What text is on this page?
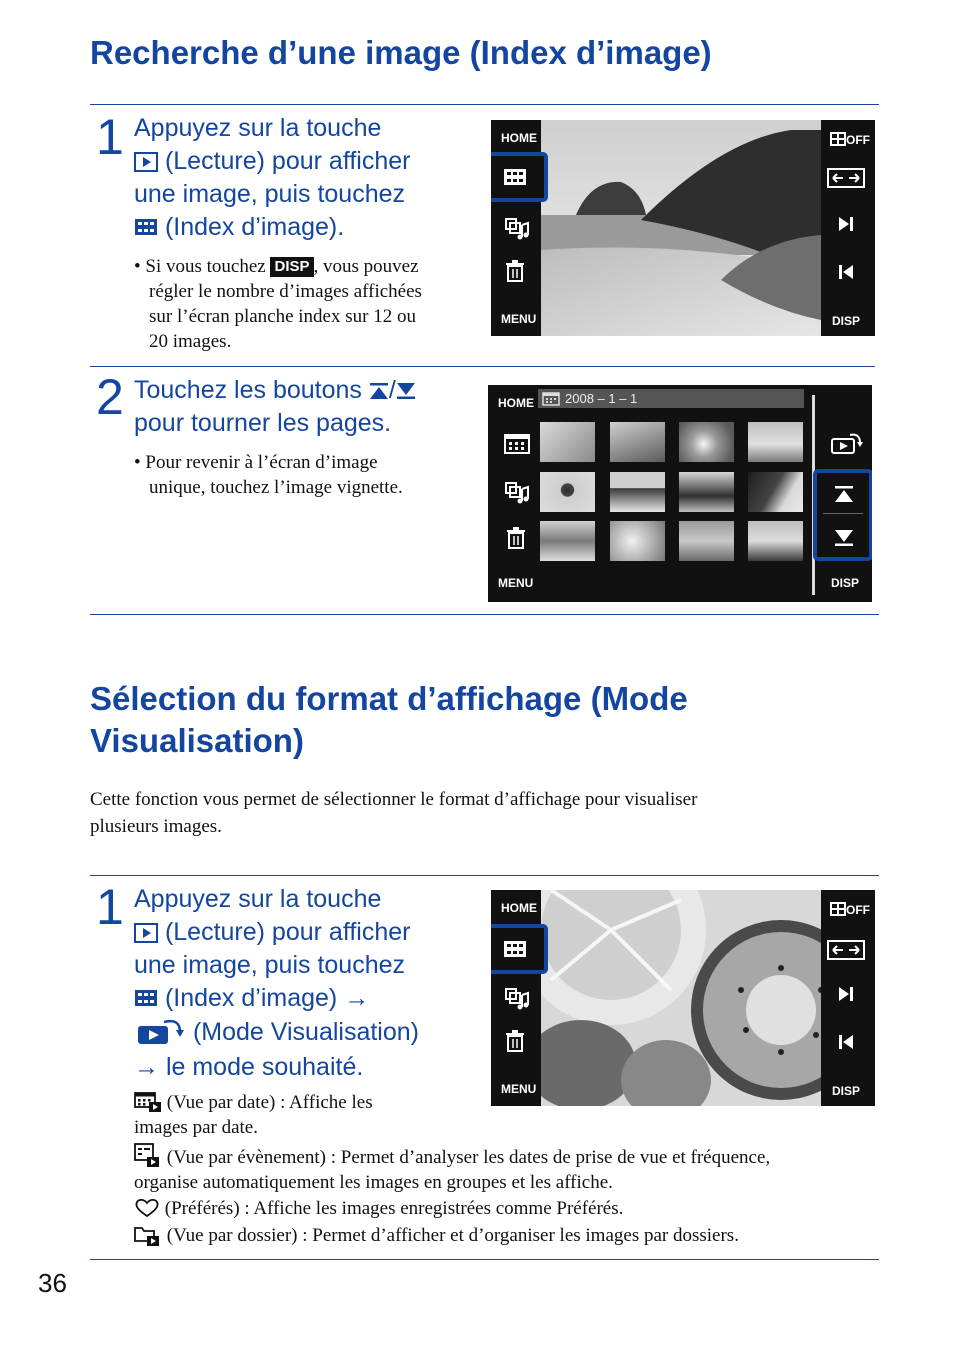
Recherche d’une image (Index d’image)
1 Appuyez sur la touche
(Lecture) pour afficher
une image, puis touchez
(Index d’image).
• Si vous touchez DISP , vous pouvez
régler le nombre d’images affichées
sur l’écran planche index sur 12 ou
20 images.
HOME
MENU
OFF
DISP
2 Touchez les boutons /
pour tourner les pages.
• Pour revenir à l’écran d’image
unique, touchez l’image vignette.
HOME 2008 – 1 – 1
MENU	DISP
Sélection du format d’affichage (Mode
Visualisation)
Cette fonction vous permet de sélectionner le format d’affichage pour visualiser
plusieurs images.
1 Appuyez sur la touche
(Lecture) pour afficher
une image, puis touchez
(Index d’image) →
(Mode Visualisation)
→ le mode souhaité.
HOME
MENU
OFF
DISP
(Vue par date) : Affiche les
images par date.
(Vue par évènement) : Permet d’analyser les dates de prise de vue et fréquence,
organise automatiquement les images en groupes et les affiche.
(Préférés) : Affiche les images enregistrées comme Préférés.
(Vue par dossier) : Permet d’afficher et d’organiser les images par dossiers.
36
